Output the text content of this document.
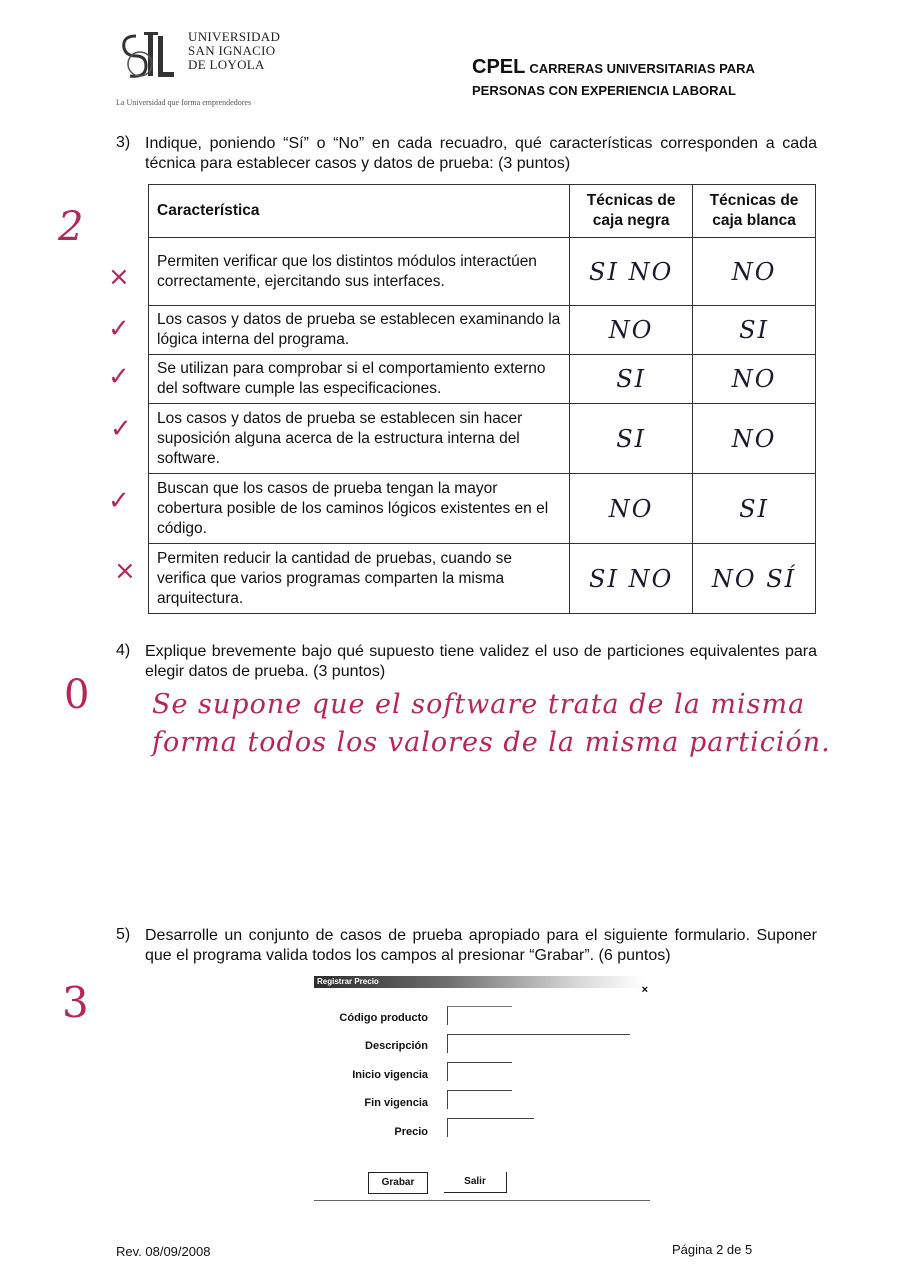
UNIVERSIDAD
SAN IGNACIO
DE LOYOLA
La Universidad que forma emprendedores
CPEL CARRERAS UNIVERSITARIAS PARA
PERSONAS CON EXPERIENCIA LABORAL
3) Indique, poniendo “Sí” o “No” en cada recuadro, qué características corresponden a cada técnica para establecer casos y datos de prueba: (3 puntos)
2	Característica	Técnicas de caja negra	Técnicas de caja blanca
Permiten verificar que los distintos módulos interactúen correctamente, ejercitando sus interfaces.	SI NO	NO
Los casos y datos de prueba se establecen examinando la lógica interna del programa.	NO	SI
Se utilizan para comprobar si el comportamiento externo del software cumple las especificaciones.	SI	NO
Los casos y datos de prueba se establecen sin hacer suposición alguna acerca de la estructura interna del software.	SI	NO
Buscan que los casos de prueba tengan la mayor cobertura posible de los caminos lógicos existentes en el código.	NO	SI
Permiten reducir la cantidad de pruebas, cuando se verifica que varios programas comparten la misma arquitectura.	SI NO	NO SÍ
×
✓
✓
✓
✓
×
4) Explique brevemente bajo qué supuesto tiene validez el uso de particiones equivalentes para elegir datos de prueba. (3 puntos)
0 Se supone que el software trata de la misma forma todos los valores de la misma partición.
5) Desarrolle un conjunto de casos de prueba apropiado para el siguiente formulario. Suponer que el programa valida todos los campos al presionar “Grabar”. (6 puntos)
3	Registrar Precio
×
Código producto
Descripción
Inicio vigencia
Fin vigencia
Precio
Grabar	Salir
Rev. 08/09/2008	Página 2 de 5
